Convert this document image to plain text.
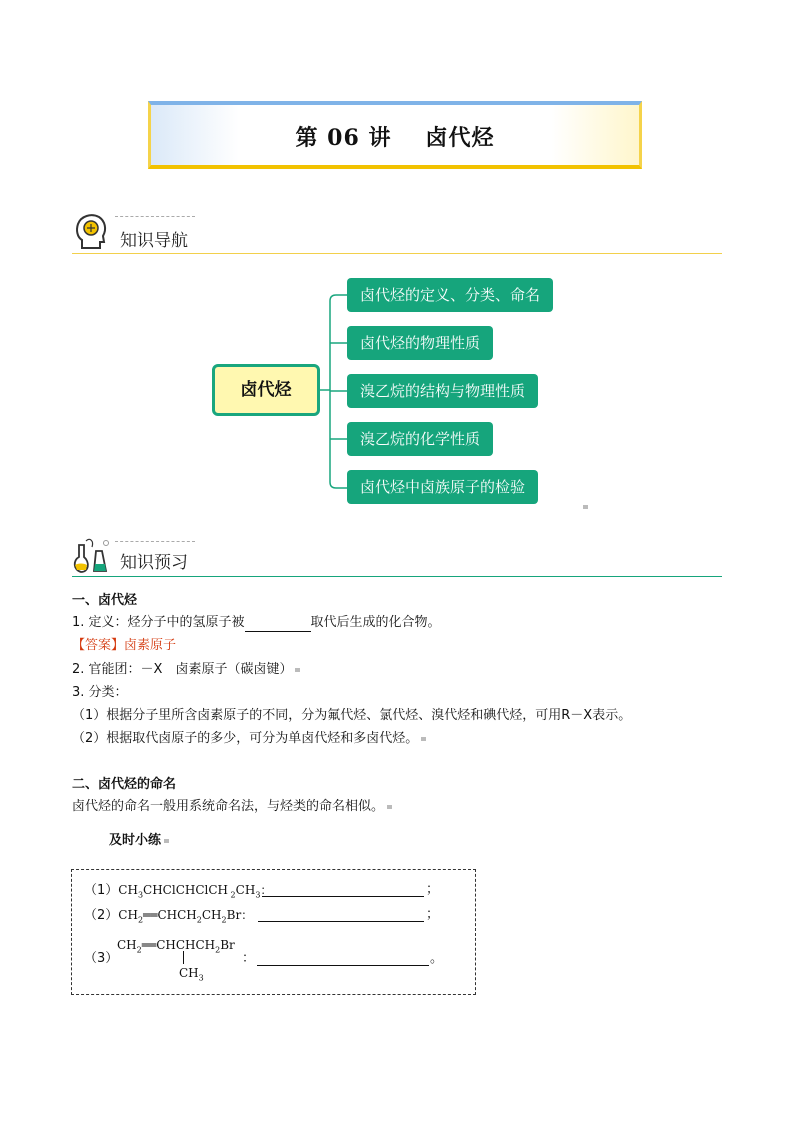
第 06 讲 卤代烃
知识导航
卤代烃
卤代烃的定义、分类、命名
卤代烃的物理性质
溴乙烷的结构与物理性质
溴乙烷的化学性质
卤代烃中卤族原子的检验
知识预习
一、卤代烃
1. 定义：烃分子中的氢原子被	取代后生成的化合物。
【答案】卤素原子
2. 官能团：－X　卤素原子（碳卤键）
3. 分类：
（1）根据分子里所含卤素原子的不同，分为氟代烃、氯代烃、溴代烃和碘代烃，可用R－X表示。
（2）根据取代卤原子的多少，可分为单卤代烃和多卤代烃。
二、卤代烃的命名
卤代烃的命名一般用系统命名法，与烃类的命名相似。
及时小练
$(1)CH_3CHClCHClCH$ $_2CH_3$：	；
$(2)CH_2══CHCH_2CH_2Br$：	；
（3）
$CH_2══CHCHCH_2Br$
$CH_3$
：	。
